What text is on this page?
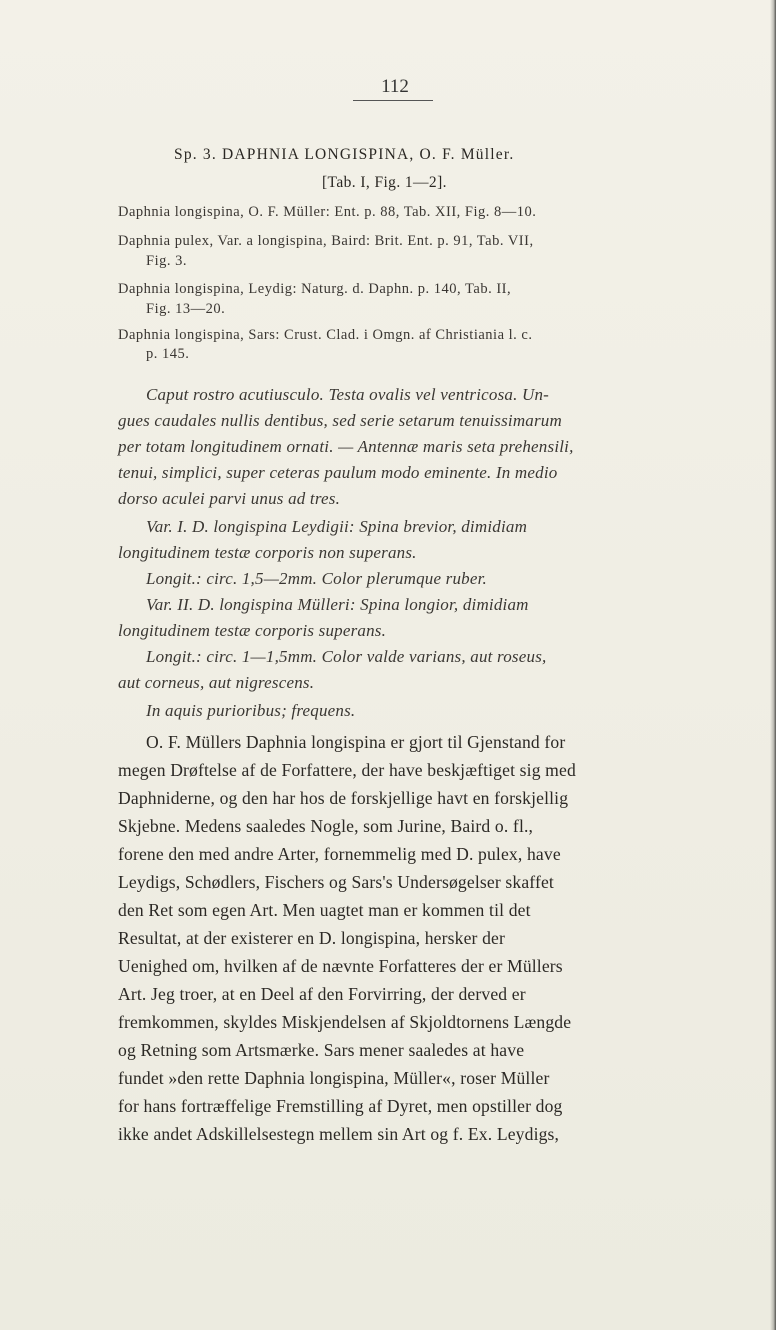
112
Sp. 3. DAPHNIA LONGISPINA, O. F. Müller.
[Tab. I, Fig. 1—2].
Daphnia longispina, O. F. Müller: Ent. p. 88, Tab. XII, Fig. 8—10.
Daphnia pulex, Var. a longispina, Baird: Brit. Ent. p. 91, Tab. VII,
Fig. 3.
Daphnia longispina, Leydig: Naturg. d. Daphn. p. 140, Tab. II,
Fig. 13—20.
Daphnia longispina, Sars: Crust. Clad. i Omgn. af Christiania l. c.
p. 145.
Caput rostro acutiusculo. Testa ovalis vel ventricosa. Un-
gues caudales nullis dentibus, sed serie setarum tenuissimarum
per totam longitudinem ornati. — Antennæ maris seta prehensili,
tenui, simplici, super ceteras paulum modo eminente. In medio
dorso aculei parvi unus ad tres.
Var. I. D. longispina Leydigii: Spina brevior, dimidiam
longitudinem testæ corporis non superans.
Longit.: circ. 1,5—2mm. Color plerumque ruber.
Var. II. D. longispina Mülleri: Spina longior, dimidiam
longitudinem testæ corporis superans.
Longit.: circ. 1—1,5mm. Color valde varians, aut roseus,
aut corneus, aut nigrescens.
In aquis purioribus; frequens.
O. F. Müllers Daphnia longispina er gjort til Gjenstand for
megen Drøftelse af de Forfattere, der have beskjæftiget sig med
Daphniderne, og den har hos de forskjellige havt en forskjellig
Skjebne. Medens saaledes Nogle, som Jurine, Baird o. fl.,
forene den med andre Arter, fornemmelig med D. pulex, have
Leydigs, Schødlers, Fischers og Sars's Undersøgelser skaffet
den Ret som egen Art. Men uagtet man er kommen til det
Resultat, at der existerer en D. longispina, hersker der
Uenighed om, hvilken af de nævnte Forfatteres der er Müllers
Art. Jeg troer, at en Deel af den Forvirring, der derved er
fremkommen, skyldes Miskjendelsen af Skjoldtornens Længde
og Retning som Artsmærke. Sars mener saaledes at have
fundet »den rette Daphnia longispina, Müller«, roser Müller
for hans fortræffelige Fremstilling af Dyret, men opstiller dog
ikke andet Adskillelsestegn mellem sin Art og f. Ex. Leydigs,
